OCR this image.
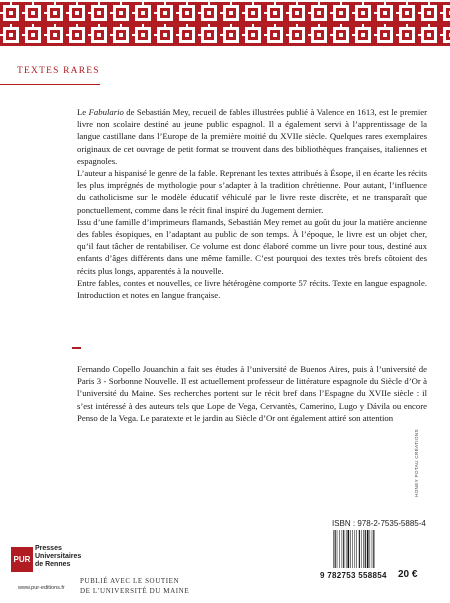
TEXTES RARES

Le Fabulario de Sebastián Mey, recueil de fables illustrées publié à Valence en 1613, est le premier livre non scolaire destiné au jeune public espagnol. Il a également servi à l’apprentissage de la langue castillane dans l’Europe de la première moitié du XVIIe siècle. Quelques rares exemplaires originaux de cet ouvrage de petit format se trouvent dans des bibliothèques françaises, italiennes et espagnoles.

L’auteur a hispanisé le genre de la fable. Reprenant les textes attribués à Ésope, il en écarte les récits les plus imprégnés de mythologie pour s’adapter à la tradition chrétienne. Pour autant, l’influence du catholicisme sur le modèle éducatif véhiculé par le livre reste discrète, et ne transparaît que ponctuellement, comme dans le récit final inspiré du Jugement dernier.

Issu d’une famille d’imprimeurs flamands, Sebastián Mey remet au goût du jour la matière ancienne des fables ésopiques, en l’adaptant au public de son temps. À l’époque, le livre est un objet cher, qu’il faut tâcher de rentabiliser. Ce volume est donc élaboré comme un livre pour tous, destiné aux enfants d’âges différents dans une même famille. C’est pourquoi des textes très brefs côtoient des récits plus longs, apparentés à la nouvelle.

Entre fables, contes et nouvelles, ce livre hétérogène comporte 57 récits. Texte en langue espagnole. Introduction et notes en langue française.

Fernando Copello Jouanchin a fait ses études à l’université de Buenos Aires, puis à l’université de Paris 3 - Sorbonne Nouvelle. Il est actuellement professeur de littérature espagnole du Siècle d’Or à l’université du Maine. Ses recherches portent sur le récit bref dans l’Espagne du XVIIe siècle : il s’est intéressé à des auteurs tels que Lope de Vega, Cervantès, Camerino, Lugo y Dávila ou encore Penso de la Vega. Le paratexte et le jardin au Siècle d’Or ont également attiré son attention

HONEY POTAU CRÉATIONS
ISBN : 978-2-7535-5885-4
9 782753 558854 20 €
PUR
Presses
Universitaires
de Rennes
www.pur-editions.fr
PUBLIÉ AVEC LE SOUTIEN
DE L’UNIVERSITÉ DU MAINE
